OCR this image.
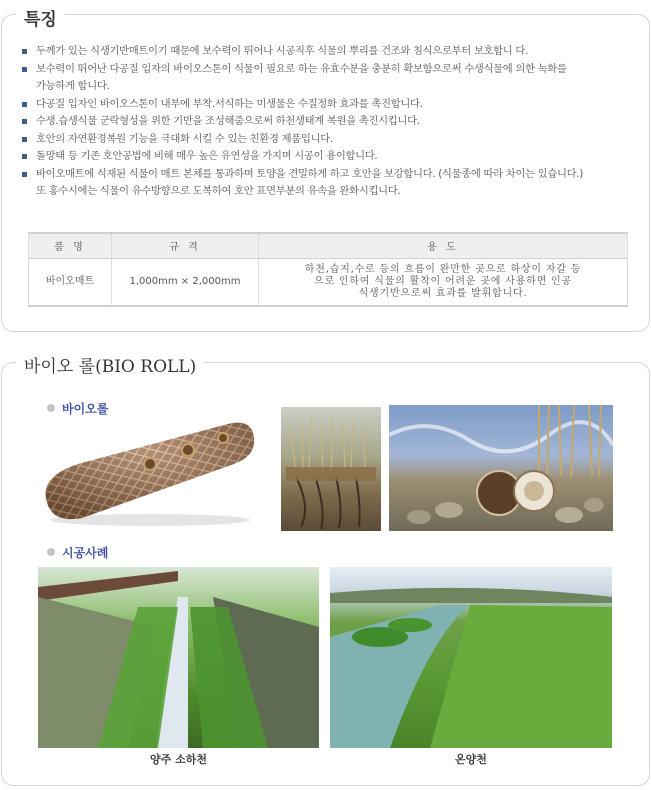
특징
두께가 있는 식생기반매트이기 때문에 보수력이 뛰어나 시공직후 식물의 뿌리를 건조와 침식으로부터 보호합니 다.
보수력이 뛰어난 다공질 입자의 바이오스톤이 식물이 필요로 하는 유효수분을 충분히 확보함으로써 수생식물에 의한 녹화를
가능하게 합니다.
다공질 입자인 바이오스톤이 내부에 부착.서식하는 미생물은 수질정화 효과를 촉진합니다.
수생.습생식물 군락형성을 위한 기반을 조성해줌으로써 하천생태계 복원을 촉진시킵니다.
호안의 자연환경복원 기능을 극대화 시킬 수 있는 친환경 제품입니다.
돌망태 등 기존 호안공법에 비해 매우 높은 유연성을 가지며 시공이 용이합니다.
바이오매트에 식재된 식물이 매트 본체를 통과하며 토양을 견밀하게 하고 호안을 보강합니다. (식물종에 따라 차이는 있습니다.)
또 홍수시에는 식물이 유수방향으로 도복하여 호안 표면부분의 유속을 완화시킵니다.
품 명	규 격	용 도
바이오매트	1,000mm × 2,000mm	하천,습지,수로 등의 흐름이 완만한 곳으로 하상이 자갈 등
으로 인하여 식물의 활착이 어려운 곳에 사용하면 인공
식생기반으로써 효과를 발휘합니다.
바이오 롤(BIO ROLL)
바이오롤
시공사례
양주 소하천	온양천
